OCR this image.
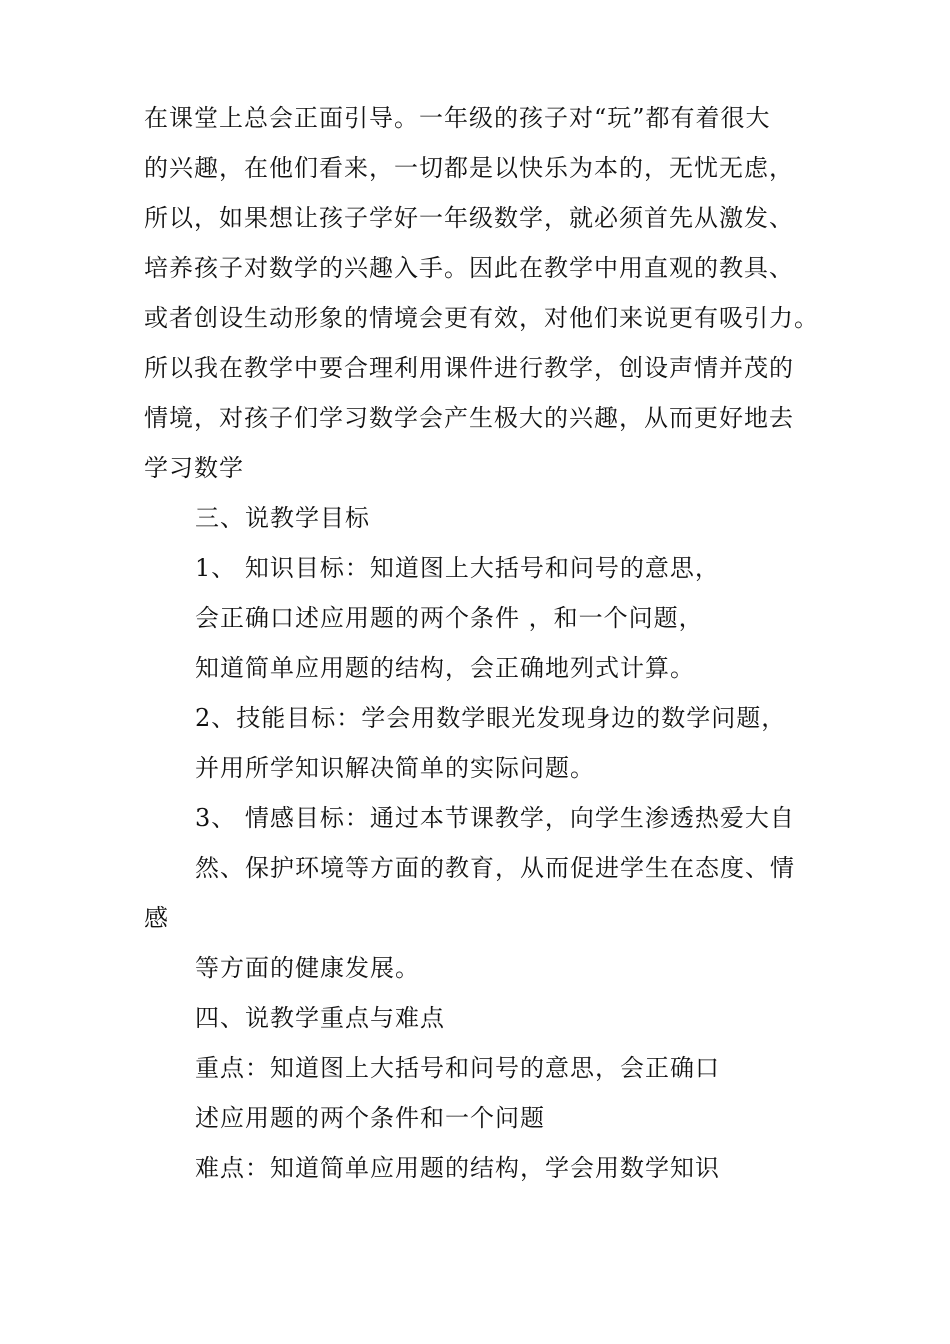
在课堂上总会正面引导。一年级的孩子对“玩”都有着很大
的兴趣，在他们看来，一切都是以快乐为本的，无忧无虑，
所以，如果想让孩子学好一年级数学，就必须首先从激发、
培养孩子对数学的兴趣入手。因此在教学中用直观的教具、
或者创设生动形象的情境会更有效，对他们来说更有吸引力。
所以我在教学中要合理利用课件进行教学，创设声情并茂的
情境，对孩子们学习数学会产生极大的兴趣，从而更好地去
学习数学
三、说教学目标
1、 知识目标：知道图上大括号和问号的意思，
会正确口述应用题的两个条件 ，和一个问题，
知道简单应用题的结构，会正确地列式计算。
2、技能目标：学会用数学眼光发现身边的数学问题，
并用所学知识解决简单的实际问题。
3、 情感目标：通过本节课教学，向学生渗透热爱大自
然、保护环境等方面的教育，从而促进学生在态度、情
感
等方面的健康发展。
四、说教学重点与难点
重点：知道图上大括号和问号的意思，会正确口
述应用题的两个条件和一个问题
难点：知道简单应用题的结构，学会用数学知识
